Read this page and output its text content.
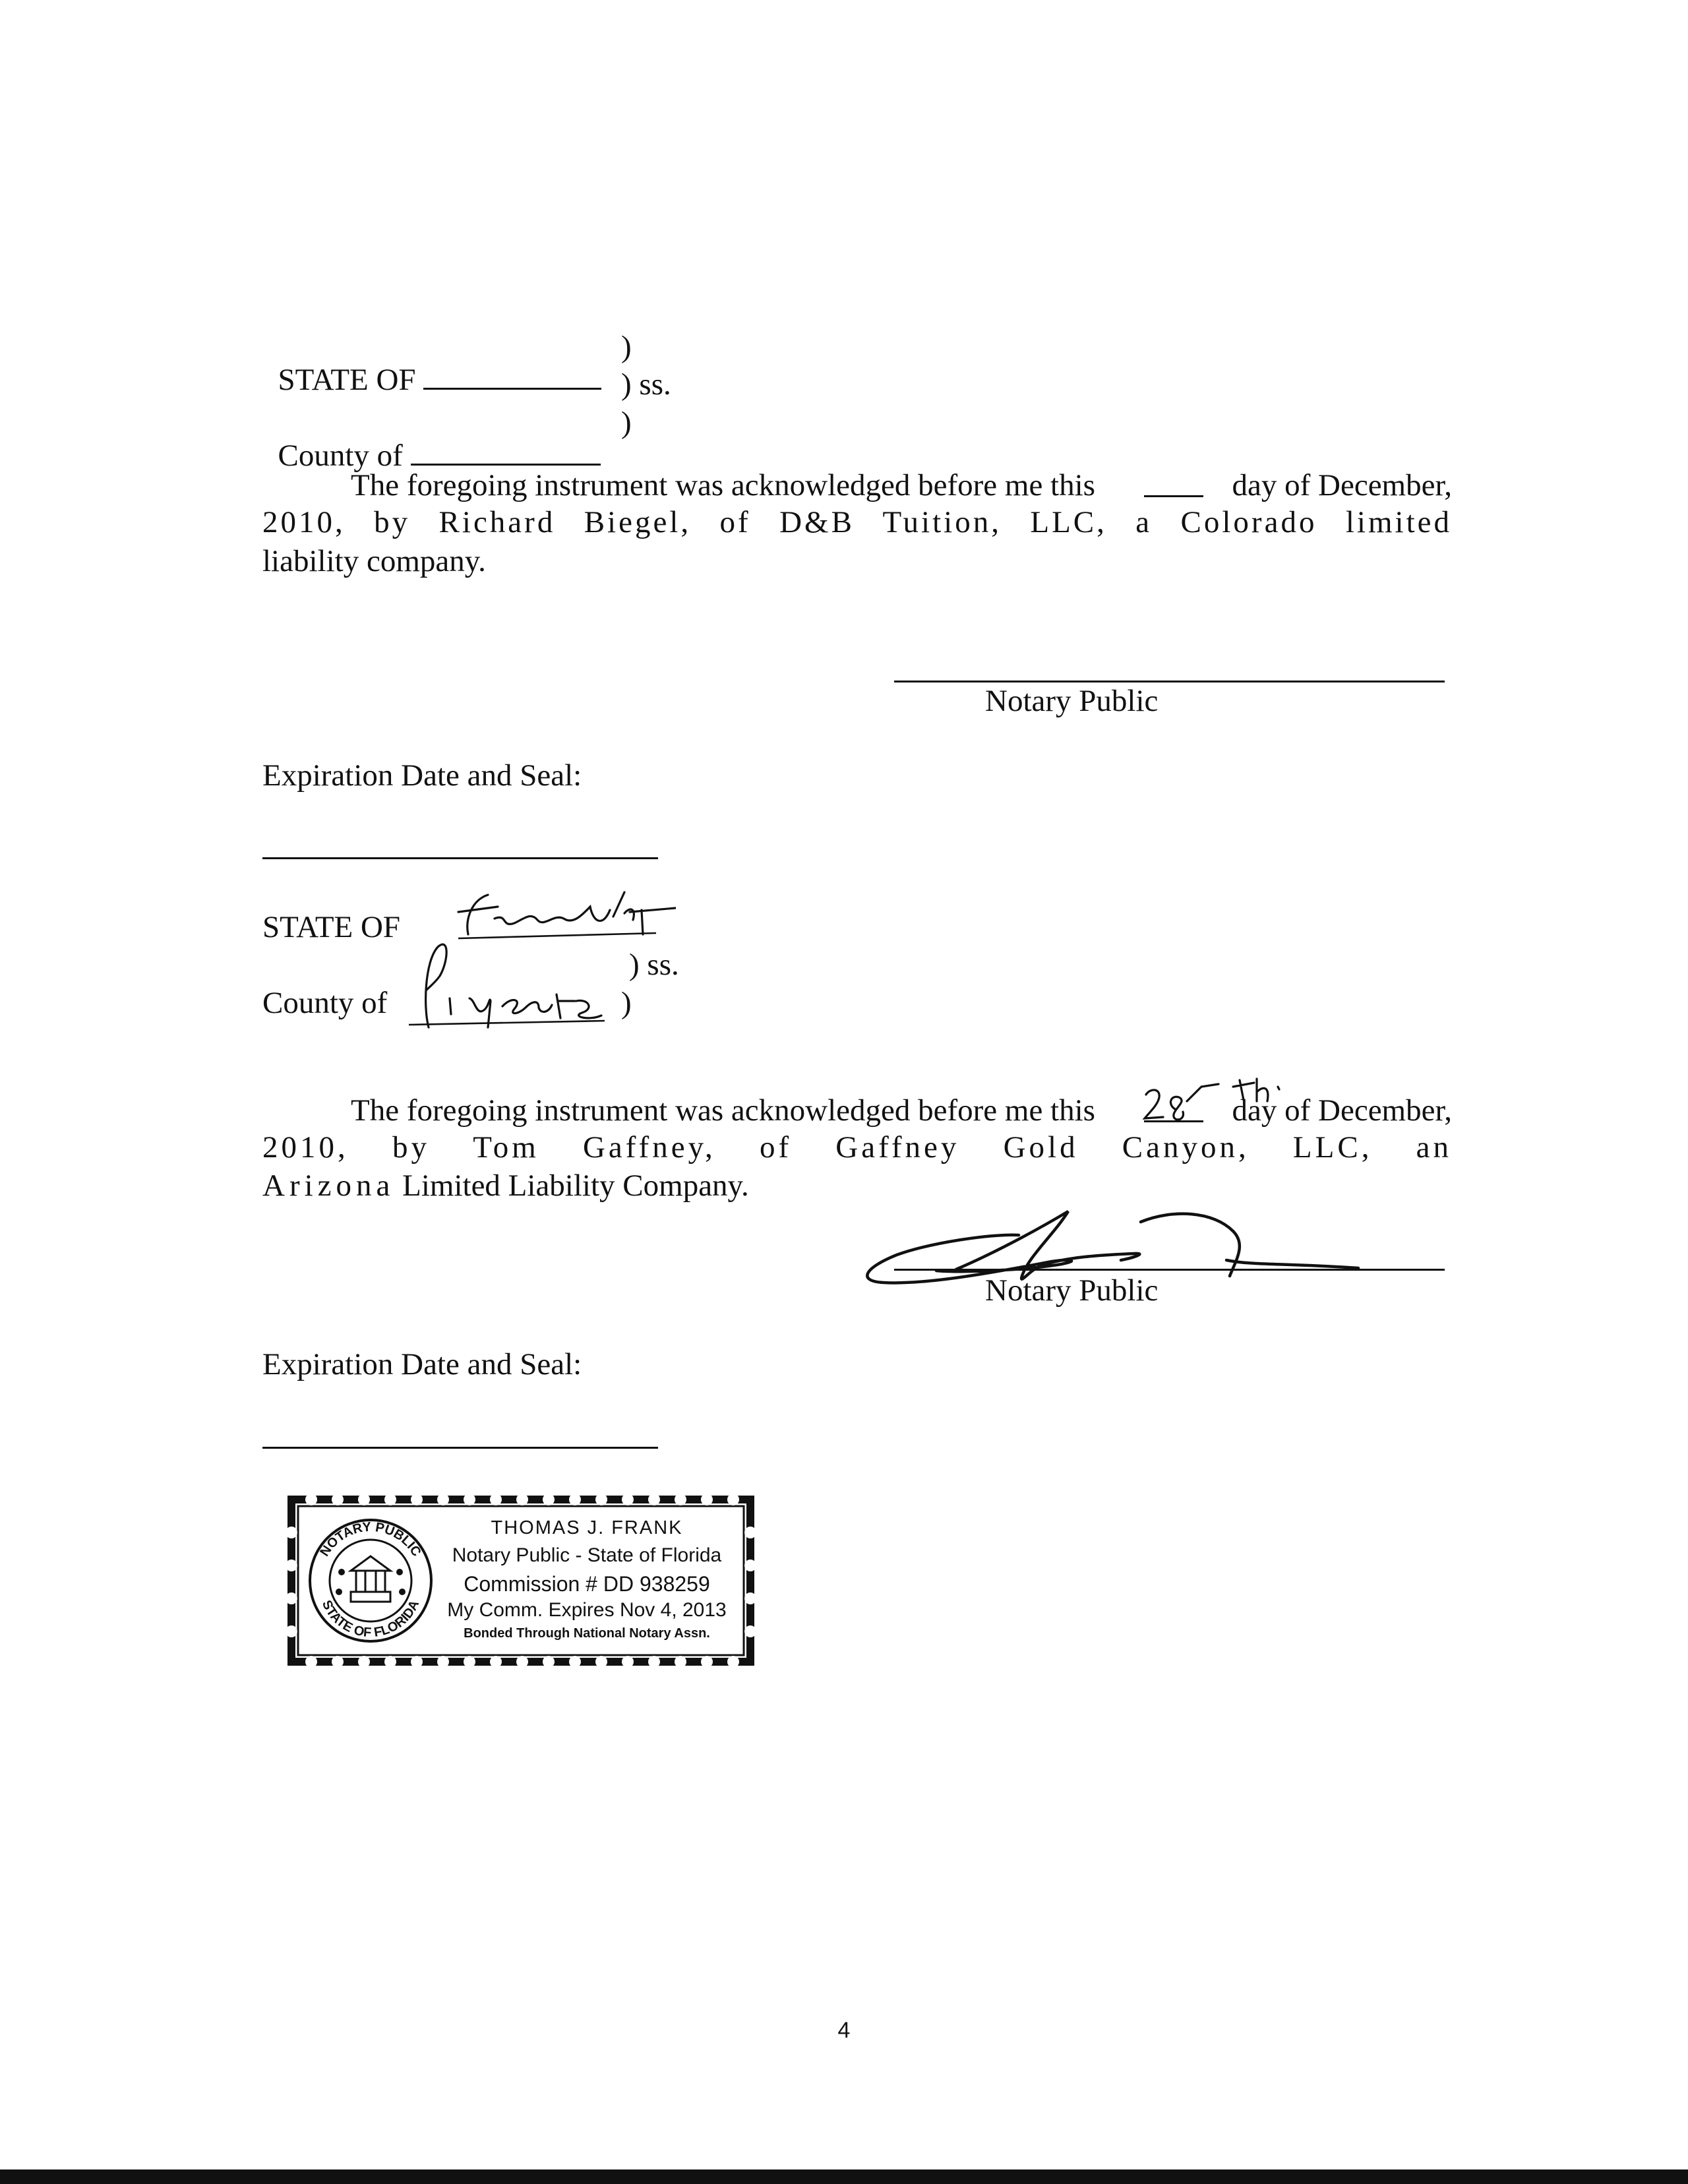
STATE OF

)
) ss.

County of

)
The foregoing instrument was acknowledged before me this	day of December,
2010, by Richard Biegel, of D&B Tuition, LLC, a Colorado limited
liability company.
Notary Public
Expiration Date and Seal:
STATE OF
) ss.
County of	)
The foregoing instrument was acknowledged before me this	day of December,
2010, by Tom Gaffney, of Gaffney Gold Canyon, LLC, an
Arizona Limited Liability Company.
Notary Public
Expiration Date and Seal:
NOTARY PUBLIC
STATE OF FLORIDA
THOMAS J. FRANK
Notary Public - State of Florida
Commission # DD 938259
My Comm. Expires Nov 4, 2013
Bonded Through National Notary Assn.
4
